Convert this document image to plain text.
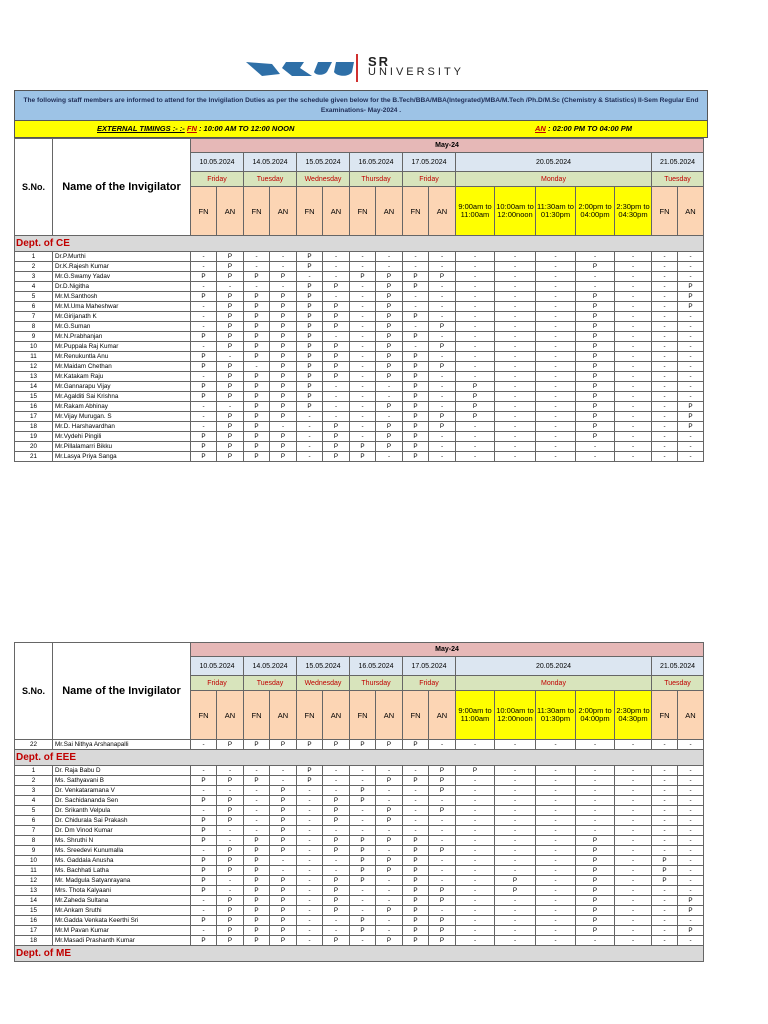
SR
UNIVERSITY
The following staff members are informed to attend for the Invigilation Duties as per the schedule given below for the B.Tech/BBA/MBA(Integrated)/MBA/M.Tech /Ph.D/M.Sc (Chemistry & Statistics) II-Sem Regular End Examinations- May-2024 .
EXTERNAL TIMINGS :- :- FN : 10:00 AM TO 12:00 NOON	AN : 02:00 PM TO 04:00 PM
S.No.	Name of the Invigilator	May-24																
		10.05.2024		14.05.2024		15.05.2024		16.05.2024		17.05.2024		20.05.2024					21.05.2024	
		Friday		Tuesday		Wednesday		Thursday		Friday		Monday					Tuesday	
		FN	AN	FN	AN	FN	AN	FN	AN	FN	AN	9:00am to 11:00am	10:00am to 12:00noon	11:30am to 01:30pm	2:00pm to 04:00pm	2:30pm to 04:30pm	FN	AN
Dept. of CE																		
1	Dr.P.Murthi	-	P	-	-	P	-	-	-	-	-	-	-	-	-	-	-	-
2	Dr.K.Rajesh Kumar	-	P	-	-	P	-	-	-	-	-	-	-	-	P	-	-	-
3	Mr.G.Swamy Yadav	P	P	P	P	-	-	P	P	P	P	-	-	-	-	-	-	-
4	Dr.D.Nigitha	-	-	-	-	P	P	-	P	P	-	-	-	-	-	-	-	P
5	Mr.M.Santhosh	P	P	P	P	P	-	-	P	-	-	-	-	-	P	-	-	P
6	Mr.M.Uma Maheshwar	-	P	P	P	P	P	-	P	-	-	-	-	-	P	-	-	P
7	Mr.Girijanath K	-	P	P	P	P	P	-	P	P	-	-	-	-	P	-	-	-
8	Mr.G.Suman	-	P	P	P	P	P	-	P	-	P	-	-	-	P	-	-	-
9	Mr.N.Prabhanjan	P	P	P	P	P	-	-	P	P	-	-	-	-	P	-	-	-
10	Mr.Puppala Raj Kumar	-	P	P	P	P	P	-	P	-	P	-	-	-	P	-	-	-
11	Mr.Renukuntla Anu	P	-	P	P	P	P	-	P	P	-	-	-	-	P	-	-	-
12	Mr.Maidam Chethan	P	P	-	P	P	P	-	P	P	P	-	-	-	P	-	-	-
13	Mr.Katakam Raju	-	P	P	P	P	P	-	P	P	-	-	-	-	P	-	-	-
14	Mr.Gannarapu Vijay	P	P	P	P	P	-	-	-	P	-	P	-	-	P	-	-	-
15	Mr.Agalditi Sai Krishna	P	P	P	P	P	-	-	-	P	-	P	-	-	P	-	-	-
16	Mr.Rakam Abhinay	-	-	P	P	P	-	-	P	P	-	P	-	-	P	-	-	P
17	Mr.Vijay Murugan. S	-	P	P	P	-	-	-	-	P	P	P	-	-	P	-	-	P
18	Mr.D. Harshavardhan	-	P	P	-	-	P	-	P	P	P	-	-	-	P	-	-	P
19	Mr.Vydehi Pingili	P	P	P	P	-	P	-	P	P	-	-	-	-	P	-	-	-
20	Mr.Pillalamarri Bikku	P	P	P	P	-	P	P	P	P	-	-	-	-	-	-	-	-
21	Mr.Lasya Priya Sanga	P	P	P	P	-	P	P	-	P	-	-	-	-	-	-	-	-
S.No.	Name of the Invigilator	May-24																
		10.05.2024		14.05.2024		15.05.2024		16.05.2024		17.05.2024		20.05.2024					21.05.2024	
		Friday		Tuesday		Wednesday		Thursday		Friday		Monday					Tuesday	
		FN	AN	FN	AN	FN	AN	FN	AN	FN	AN	9:00am to 11:00am	10:00am to 12:00noon	11:30am to 01:30pm	2:00pm to 04:00pm	2:30pm to 04:30pm	FN	AN
22	Mr.Sai Nithya Arshanapalli	-	P	P	P	P	P	P	P	P	-	-	-	-	-	-	-	-
Dept. of EEE																		
1	Dr. Raja Babu D	-	-	-	-	P	-	-	-	-	P	P	-	-	-	-	-	-
2	Ms. Sathyavani B	P	P	P	-	P	-	-	P	P	P	-	-	-	-	-	-	-
3	Dr. Venkataramana V	-	-	-	P	-	-	P	-	-	P	-	-	-	-	-	-	-
4	Dr. Sachidananda Sen	P	P	-	P	-	P	P	-	-	-	-	-	-	-	-	-	-
5	Dr. Srikanth Velpula	-	P	-	P	-	P	-	P	-	P	-	-	-	-	-	-	-
6	Dr. Chidurala Sai Prakash	P	P	-	P	-	P	-	P	-	-	-	-	-	-	-	-	-
7	Dr. Dm Vinod Kumar	P	-	-	P	-	-	-	-	-	-	-	-	-	-	-	-	-
8	Ms. Shruthi N	P	-	P	P	-	P	P	P	P	-	-	-	-	P	-	-	-
9	Ms. Sreedevi Kunumalla	-	P	P	P	-	P	P	-	P	P	-	-	-	P	-	-	-
10	Ms. Gaddala Anusha	P	P	P	-	-	-	P	P	P	-	-	-	-	P	-	P	-
11	Ms. Bachhati Latha	P	P	P	-	-	-	P	P	P	-	-	-	-	P	-	P	-
12	Mr. Madgula Satyanrayana	P	-	P	P	-	P	P	-	P	-	-	P	-	P	-	P	-
13	Mrs. Thota Kalyaani	P	-	P	P	-	P	-	-	P	P	-	P	-	P	-	-	-
14	Mr.Zaheda Sultana	-	P	P	P	-	P	-	-	P	P	-	-	-	P	-	-	P
15	Mr.Ankam Sruthi	-	P	P	P	-	P	-	P	P	-	-	-	-	P	-	-	P
16	Mr.Gadda Venkata Keerthi Sri	P	P	P	P	-	-	P	-	P	P	-	-	-	P	-	-	-
17	Mr.M Pavan Kumar	-	P	P	P	-	-	P	-	P	P	-	-	-	P	-	-	P
18	Mr.Masadi Prashanth Kumar	P	P	P	P	-	P	-	P	P	P	-	-	-	-	-	-	-
Dept. of ME																		
